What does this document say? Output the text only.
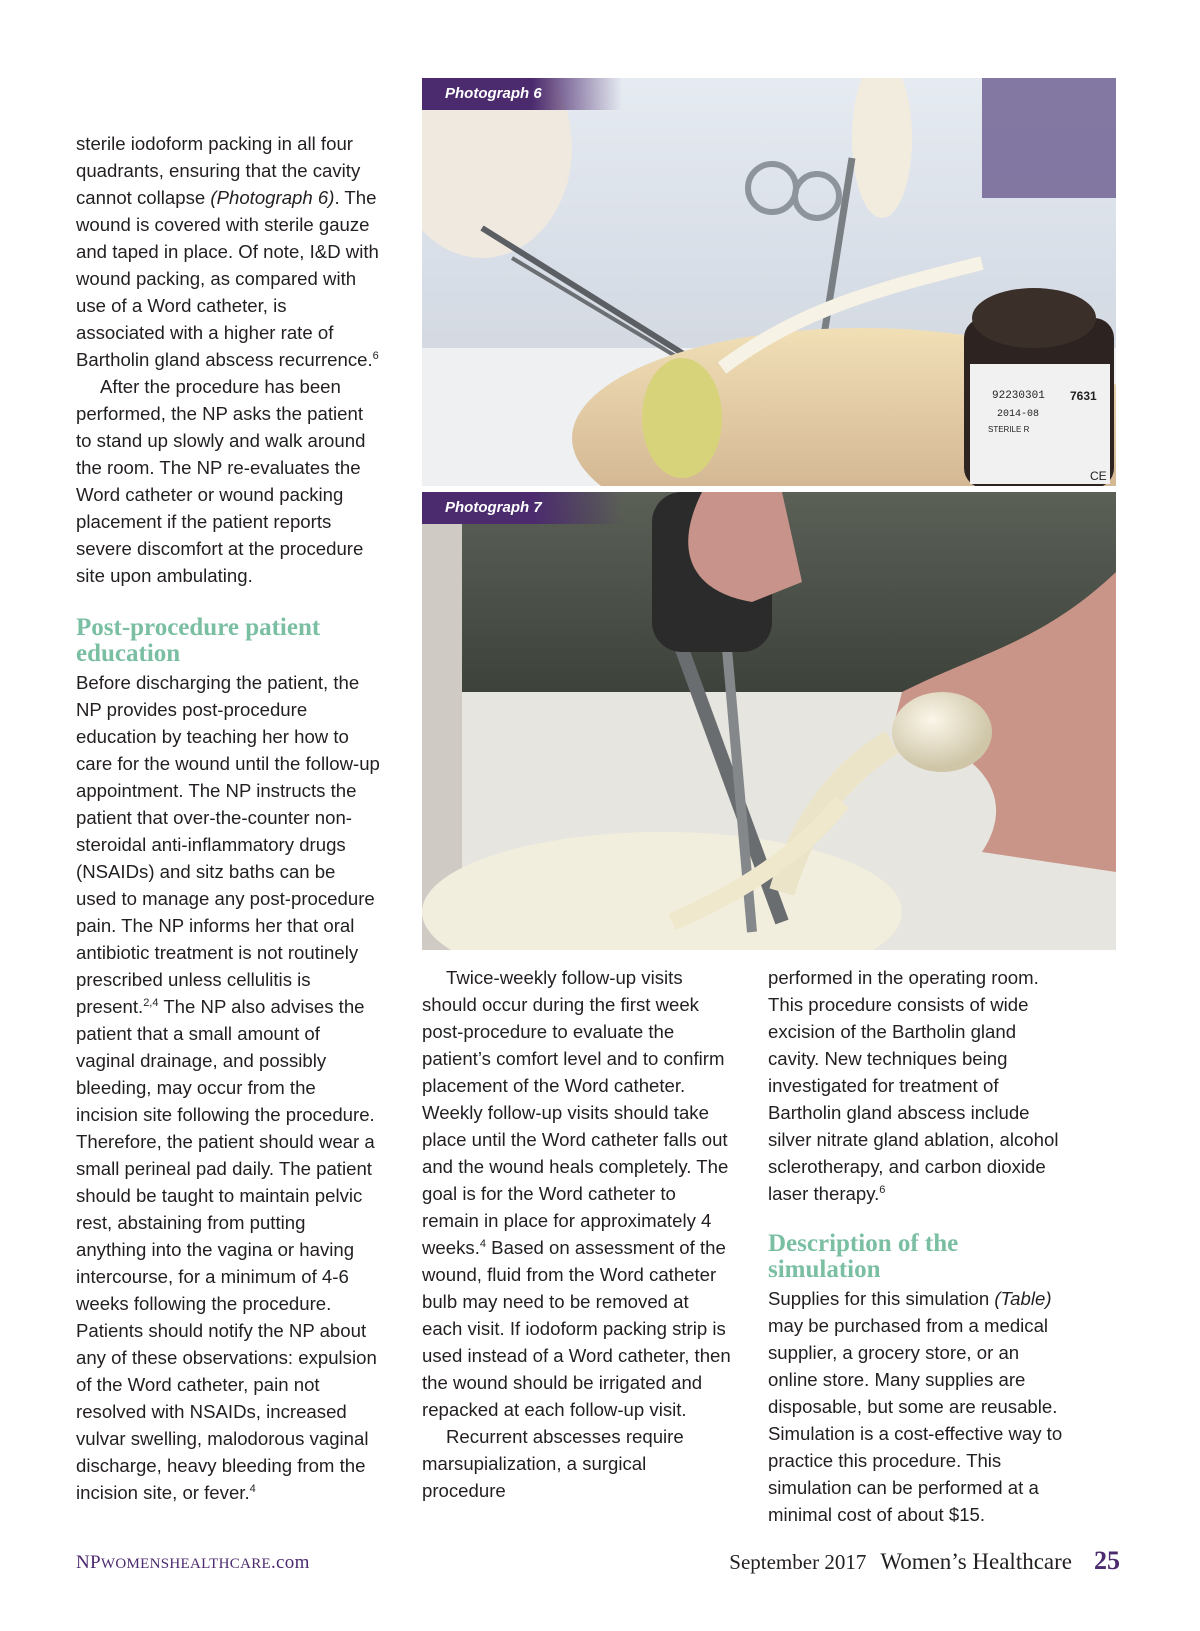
sterile iodoform packing in all four quadrants, ensuring that the cavity cannot collapse (Photograph 6). The wound is covered with sterile gauze and taped in place. Of note, I&D with wound packing, as compared with use of a Word catheter, is associated with a higher rate of Bartholin gland abscess recurrence.$^6$

After the procedure has been performed, the NP asks the patient to stand up slowly and walk around the room. The NP re-evaluates the Word catheter or wound packing placement if the patient reports severe discomfort at the procedure site upon ambulating.

Post-procedure patient education

Before discharging the patient, the NP provides post-procedure education by teaching her how to care for the wound until the follow-up appointment. The NP instructs the patient that over-the-counter non-steroidal anti-inflammatory drugs (NSAIDs) and sitz baths can be used to manage any post-procedure pain. The NP informs her that oral antibiotic treatment is not routinely prescribed unless cellulitis is present.$^{2,4}$ The NP also advises the patient that a small amount of vaginal drainage, and possibly bleeding, may occur from the incision site following the procedure. Therefore, the patient should wear a small perineal pad daily. The patient should be taught to maintain pelvic rest, abstaining from putting anything into the vagina or having intercourse, for a minimum of 4-6 weeks following the procedure. Patients should notify the NP about any of these observations: expulsion of the Word catheter, pain not resolved with NSAIDs, increased vulvar swelling, malodorous vaginal discharge, heavy bleeding from the incision site, or fever.$^4$

92230301 7631
2014-08
STERILE R
CE
Photograph 6
Photograph 7

Twice-weekly follow-up visits should occur during the first week post-procedure to evaluate the patient’s comfort level and to confirm placement of the Word catheter. Weekly follow-up visits should take place until the Word catheter falls out and the wound heals completely. The goal is for the Word catheter to remain in place for approximately 4 weeks.$^4$ Based on assessment of the wound, fluid from the Word catheter bulb may need to be removed at each visit. If iodoform packing strip is used instead of a Word catheter, then the wound should be irrigated and repacked at each follow-up visit.

Recurrent abscesses require marsupialization, a surgical procedure

performed in the operating room. This procedure consists of wide excision of the Bartholin gland cavity. New techniques being investigated for treatment of Bartholin gland abscess include silver nitrate gland ablation, alcohol sclerotherapy, and carbon dioxide laser therapy.$^6$

Description of the simulation

Supplies for this simulation (Table) may be purchased from a medical supplier, a grocery store, or an online store. Many supplies are disposable, but some are reusable. Simulation is a cost-effective way to practice this procedure. This simulation can be performed at a minimal cost of about $15.

NPWOMENSHEALTHCARE.com	September 2017 Women’s Healthcare 25
